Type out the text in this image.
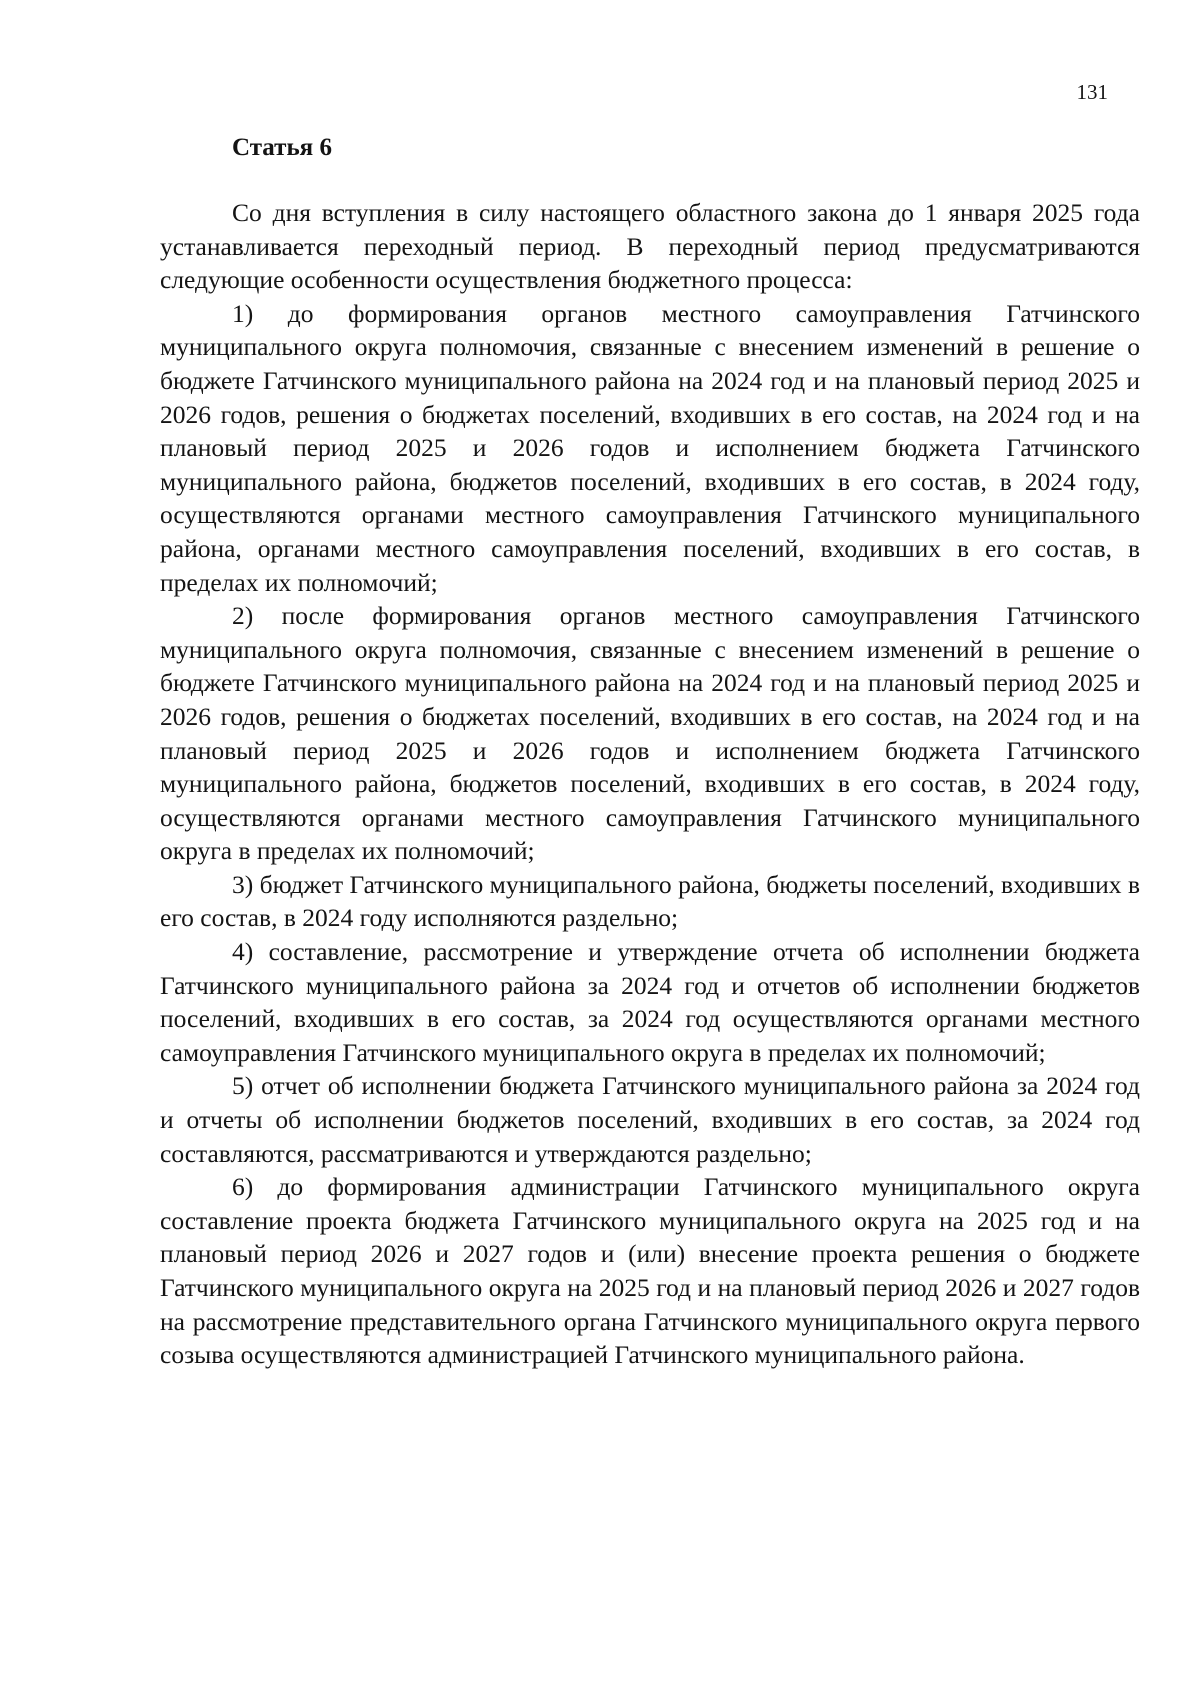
131
Статья 6

Со дня вступления в силу настоящего областного закона до 1 января 2025 года устанавливается переходный период. В переходный период предусматриваются следующие особенности осуществления бюджетного процесса:

1) до формирования органов местного самоуправления Гатчинского муниципального округа полномочия, связанные с внесением изменений в решение о бюджете Гатчинского муниципального района на 2024 год и на плановый период 2025 и 2026 годов, решения о бюджетах поселений, входивших в его состав, на 2024 год и на плановый период 2025 и 2026 годов и исполнением бюджета Гатчинского муниципального района, бюджетов поселений, входивших в его состав, в 2024 году, осуществляются органами местного самоуправления Гатчинского муниципального района, органами местного самоуправления поселений, входивших в его состав, в пределах их полномочий;

2) после формирования органов местного самоуправления Гатчинского муниципального округа полномочия, связанные с внесением изменений в решение о бюджете Гатчинского муниципального района на 2024 год и на плановый период 2025 и 2026 годов, решения о бюджетах поселений, входивших в его состав, на 2024 год и на плановый период 2025 и 2026 годов и исполнением бюджета Гатчинского муниципального района, бюджетов поселений, входивших в его состав, в 2024 году, осуществляются органами местного самоуправления Гатчинского муниципального округа в пределах их полномочий;

3) бюджет Гатчинского муниципального района, бюджеты поселений, входивших в его состав, в 2024 году исполняются раздельно;

4) составление, рассмотрение и утверждение отчета об исполнении бюджета Гатчинского муниципального района за 2024 год и отчетов об исполнении бюджетов поселений, входивших в его состав, за 2024 год осуществляются органами местного самоуправления Гатчинского муниципального округа в пределах их полномочий;

5) отчет об исполнении бюджета Гатчинского муниципального района за 2024 год и отчеты об исполнении бюджетов поселений, входивших в его состав, за 2024 год составляются, рассматриваются и утверждаются раздельно;

6) до формирования администрации Гатчинского муниципального округа составление проекта бюджета Гатчинского муниципального округа на 2025 год и на плановый период 2026 и 2027 годов и (или) внесение проекта решения о бюджете Гатчинского муниципального округа на 2025 год и на плановый период 2026 и 2027 годов на рассмотрение представительного органа Гатчинского муниципального округа первого созыва осуществляются администрацией Гатчинского муниципального района.
